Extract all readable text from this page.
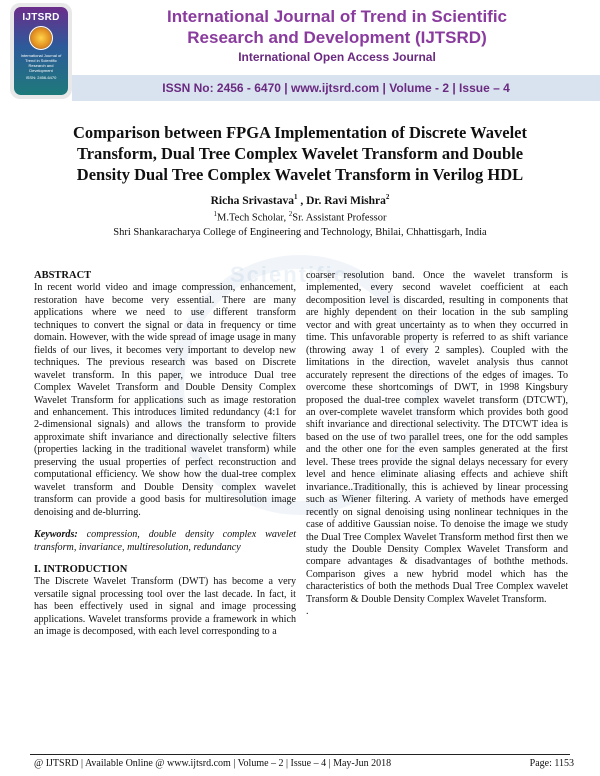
IJTSRD
International Journal of Trend in Scientific Research and Development
ISSN: 2456-6470
International Journal of Trend in Scientific
Research and Development (IJTSRD)
International Open Access Journal
ISSN No: 2456 - 6470 | www.ijtsrd.com | Volume - 2 | Issue – 4
Comparison between FPGA Implementation of Discrete Wavelet
Transform, Dual Tree Complex Wavelet Transform and Double
Density Dual Tree Complex Wavelet Transform in Verilog HDL
Richa Srivastava$^1$ , Dr. Ravi Mishra$^2$
$^1$M.Tech Scholar, $^2$Sr. Assistant Professor
Shri Shankaracharya College of Engineering and Technology, Bhilai, Chhattisgarh, India
Scientific

ABSTRACT

In recent world video and image compression, enhancement, restoration have become very essential. There are many applications where we need to use different transform techniques to convert the signal or data in frequency or time domain. However, with the wide spread of image usage in many fields of our lives, it becomes very important to develop new techniques. The previous research was based on Discrete wavelet transform. In this paper, we introduce Dual tree Complex Wavelet Transform and Double Density Complex Wavelet Transform for applications such as image restoration and enhancement. This introduces limited redundancy (4:1 for 2-dimensional signals) and allows the transform to provide approximate shift invariance and directionally selective filters (properties lacking in the traditional wavelet transform) while preserving the usual properties of perfect reconstruction and computational efficiency. We show how the dual-tree complex wavelet transform and Double Density complex wavelet transform can provide a good basis for multiresolution image denoising and de-blurring.

Keywords: compression, double density complex wavelet transform, invariance, multiresolution, redundancy

I. INTRODUCTION

The Discrete Wavelet Transform (DWT) has become a very versatile signal processing tool over the last decade. In fact, it has been effectively used in signal and image processing applications. Wavelet transforms provide a framework in which an image is decomposed, with each level corresponding to a

coarser resolution band. Once the wavelet transform is implemented, every second wavelet coefficient at each decomposition level is discarded, resulting in components that are highly dependent on their location in the sub sampling vector and with great uncertainty as to when they occurred in time. This unfavorable property is referred to as shift variance (throwing away 1 of every 2 samples). Coupled with the limitations in the direction, wavelet analysis thus cannot accurately represent the directions of the edges of images. To overcome these shortcomings of DWT, in 1998 Kingsbury proposed the dual-tree complex wavelet transform (DTCWT), an over-complete wavelet transform which provides both good shift invariance and directional selectivity. The DTCWT idea is based on the use of two parallel trees, one for the odd samples and the other one for the even samples generated at the first level. These trees provide the signal delays necessary for every level and hence eliminate aliasing effects and achieve shift invariance..Traditionally, this is achieved by linear processing such as Wiener filtering. A variety of methods have emerged recently on signal denoising using nonlinear techniques in the case of additive Gaussian noise. To denoise the image we study the Dual Tree Complex Wavelet Transform method first then we study the Double Density Complex Wavelet Transform and compare advantages & disadvantages of boththe methods. Comparison gives a new hybrid model which has the characteristics of both the methods Dual Tree Complex wavelet Transform & Double Density Complex Wavelet Transform.

.

@ IJTSRD | Available Online @ www.ijtsrd.com | Volume – 2 | Issue – 4 | May-Jun 2018	Page: 1153
